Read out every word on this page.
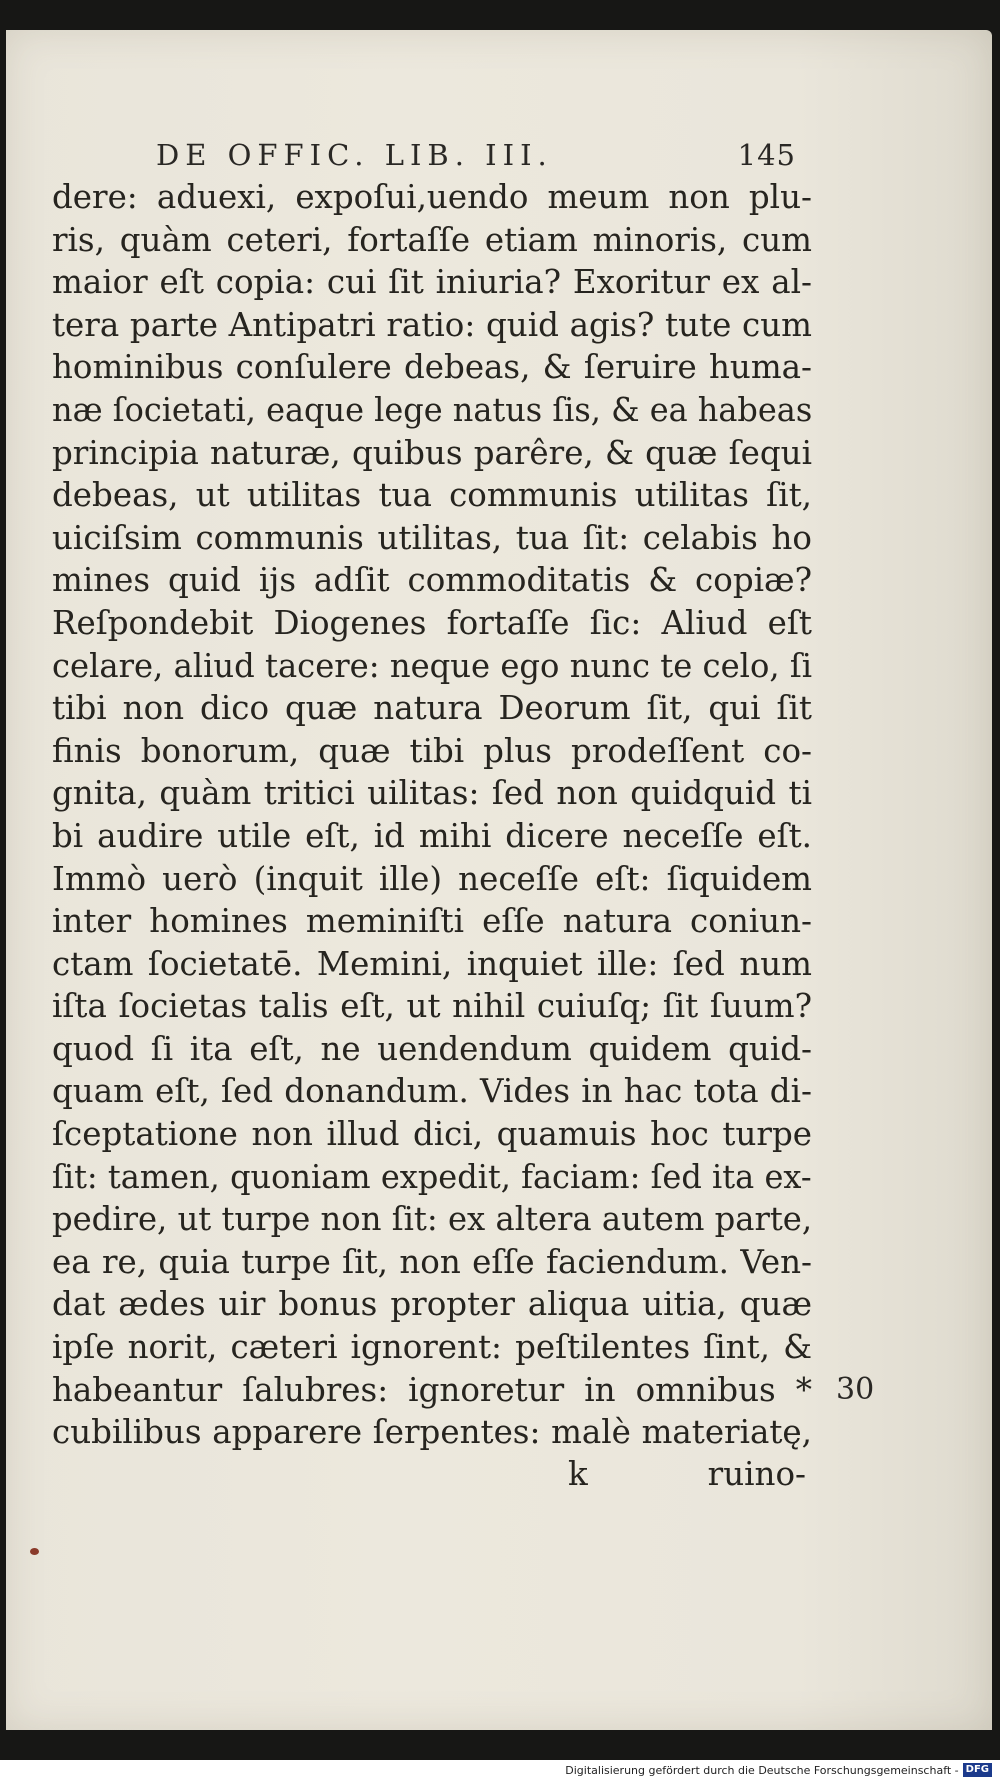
DE OFFIC. LIB. III.	145
dere: aduexi, expoſui,uendo meum non plu-
ris, quàm ceteri, fortaſſe etiam minoris, cum
maior eſt copia: cui ſit iniuria? Exoritur ex al-
tera parte Antipatri ratio: quid agis? tute cum
hominibus conſulere debeas, & ſeruire huma-
næ ſocietati, eaque lege natus ſis, & ea habeas
principia naturæ, quibus parêre, & quæ ſequi
debeas, ut utilitas tua communis utilitas ſit,
uiciſsim communis utilitas, tua ſit: celabis ho
mines quid ijs adſit commoditatis & copiæ?
Reſpondebit Diogenes fortaſſe ſic: Aliud eſt
celare, aliud tacere: neque ego nunc te celo, ſi
tibi non dico quæ natura Deorum ſit, qui ſit
finis bonorum, quæ tibi plus prodeſſent co-
gnita, quàm tritici uilitas: ſed non quidquid ti
bi audire utile eſt, id mihi dicere neceſſe eſt.
Immò uerò (inquit ille) neceſſe eſt: ſiquidem
inter homines meminiſti eſſe natura coniun-
ctam ſocietatē. Memini, inquiet ille: ſed num
iſta ſocietas talis eſt, ut nihil cuiuſq; ſit ſuum?
quod ſi ita eſt, ne uendendum quidem quid-
quam eſt, ſed donandum. Vides in hac tota di-
ſceptatione non illud dici, quamuis hoc turpe
ſit: tamen, quoniam expedit, faciam: ſed ita ex-
pedire, ut turpe non ſit: ex altera autem parte,
ea re, quia turpe ſit, non eſſe faciendum. Ven-
dat ædes uir bonus propter aliqua uitia, quæ
ipſe norit, cæteri ignorent: peſtilentes ſint, &
habeantur ſalubres: ignoretur in omnibus *
cubilibus apparere ſerpentes: malè materiatę,
30
k	ruino-
Digitalisierung gefördert durch die Deutsche Forschungsgemeinschaft - DFG
